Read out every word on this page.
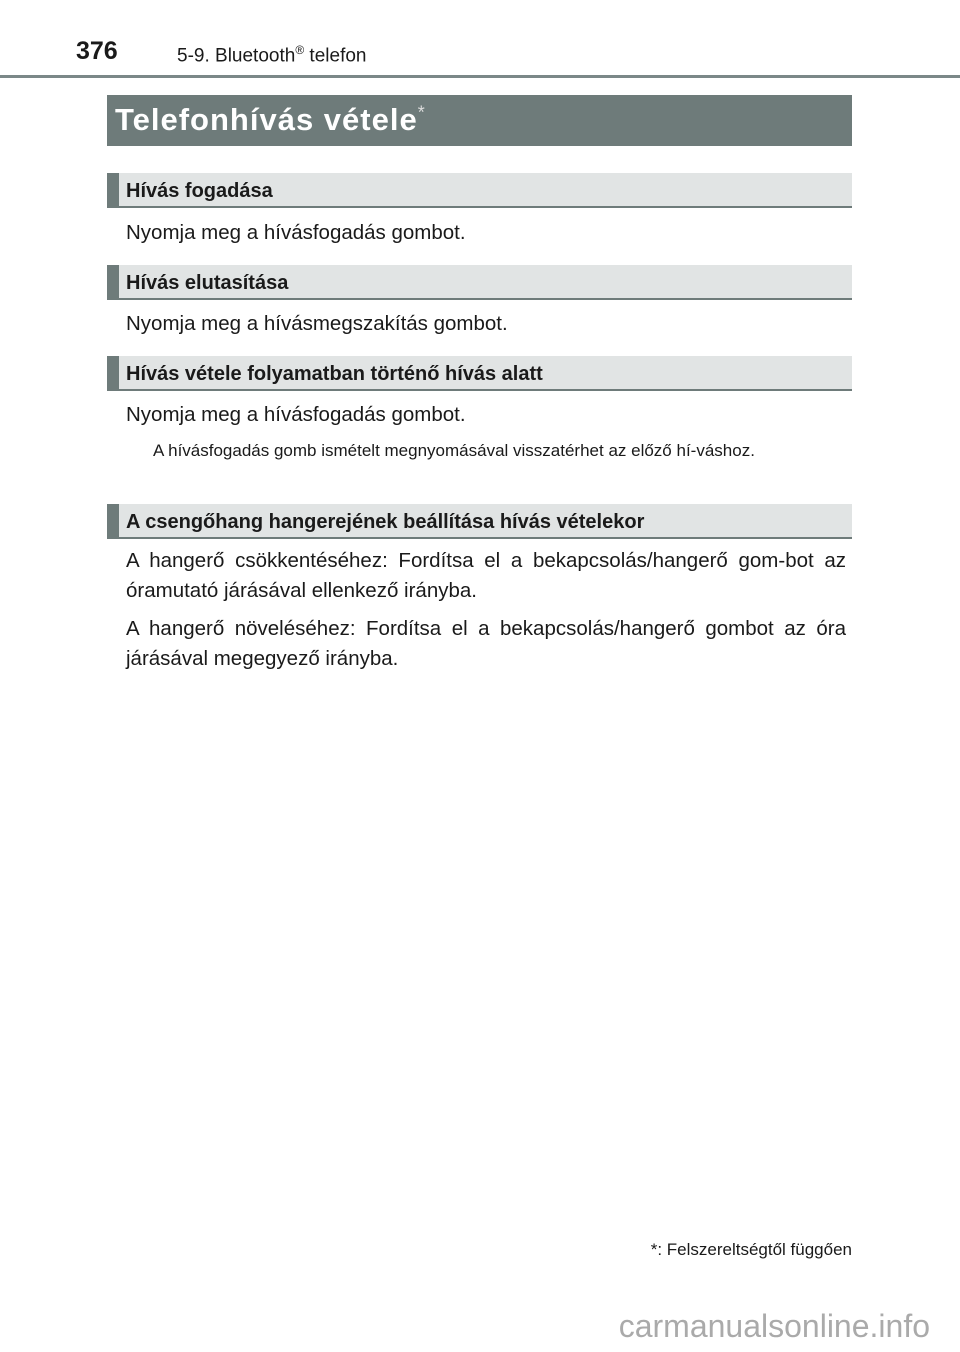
376	5-9. Bluetooth® telefon
Telefonhívás vétele*
Hívás fogadása
Nyomja meg a hívásfogadás gombot.
Hívás elutasítása
Nyomja meg a hívásmegszakítás gombot.
Hívás vétele folyamatban történő hívás alatt
Nyomja meg a hívásfogadás gombot.
A hívásfogadás gomb ismételt megnyomásával visszatérhet az előző hí-váshoz.
A csengőhang hangerejének beállítása hívás vételekor
A hangerő csökkentéséhez: Fordítsa el a bekapcsolás/hangerő gom-bot az óramutató járásával ellenkező irányba.
A hangerő növeléséhez: Fordítsa el a bekapcsolás/hangerő gombot az óra járásával megegyező irányba.
*: Felszereltségtől függően
carmanualsonline.info
